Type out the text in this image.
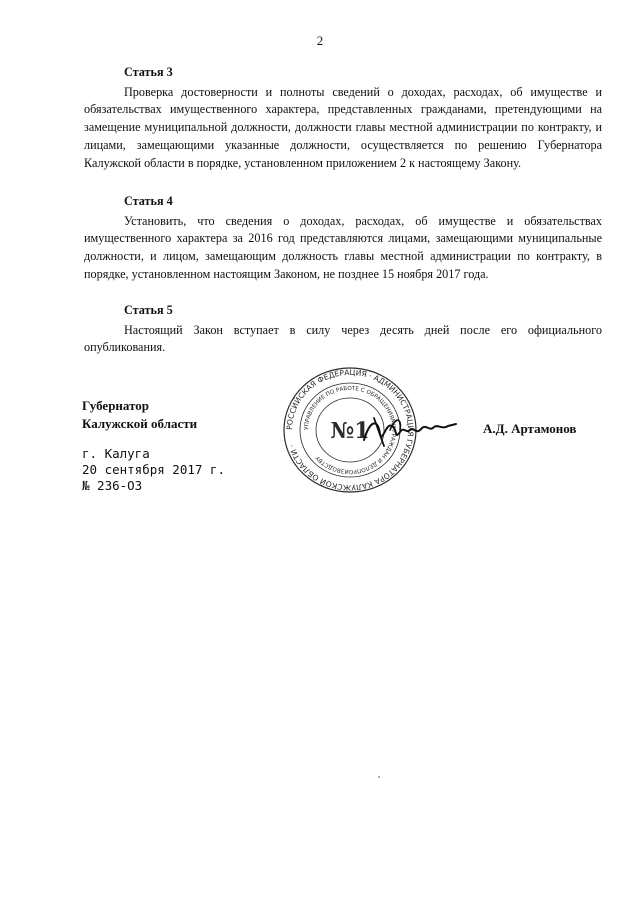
2
Статья 3

Проверка достоверности и полноты сведений о доходах, расходах, об имуществе и обязательствах имущественного характера, представленных гражданами, претендующими на замещение муниципальной должности, должности главы местной администрации по контракту, и лицами, замещающими указанные должности, осуществляется по решению Губернатора Калужской области в порядке, установленном приложением 2 к настоящему Закону.

Статья 4

Установить, что сведения о доходах, расходах, об имуществе и обязательствах имущественного характера за 2016 год представляются лицами, замещающими муниципальные должности, и лицом, замещающим должность главы местной администрации по контракту, в порядке, установленном настоящим Законом, не позднее 15 ноября 2017 года.

Статья 5

Настоящий Закон вступает в силу через десять дней после его официального опубликования.

Губернатор
Калужской области	А.Д. Артамонов
г. Калуга
20 сентября 2017 г.
№ 236-ОЗ
РОССИЙСКАЯ ФЕДЕРАЦИЯ · АДМИНИСТРАЦИЯ ГУБЕРНАТОРА КАЛУЖСКОЙ ОБЛАСТИ ·
УПРАВЛЕНИЕ ПО РАБОТЕ С ОБРАЩЕНИЯМИ ГРАЖДАН И ДЕЛОПРОИЗВОДСТВУ
№1
